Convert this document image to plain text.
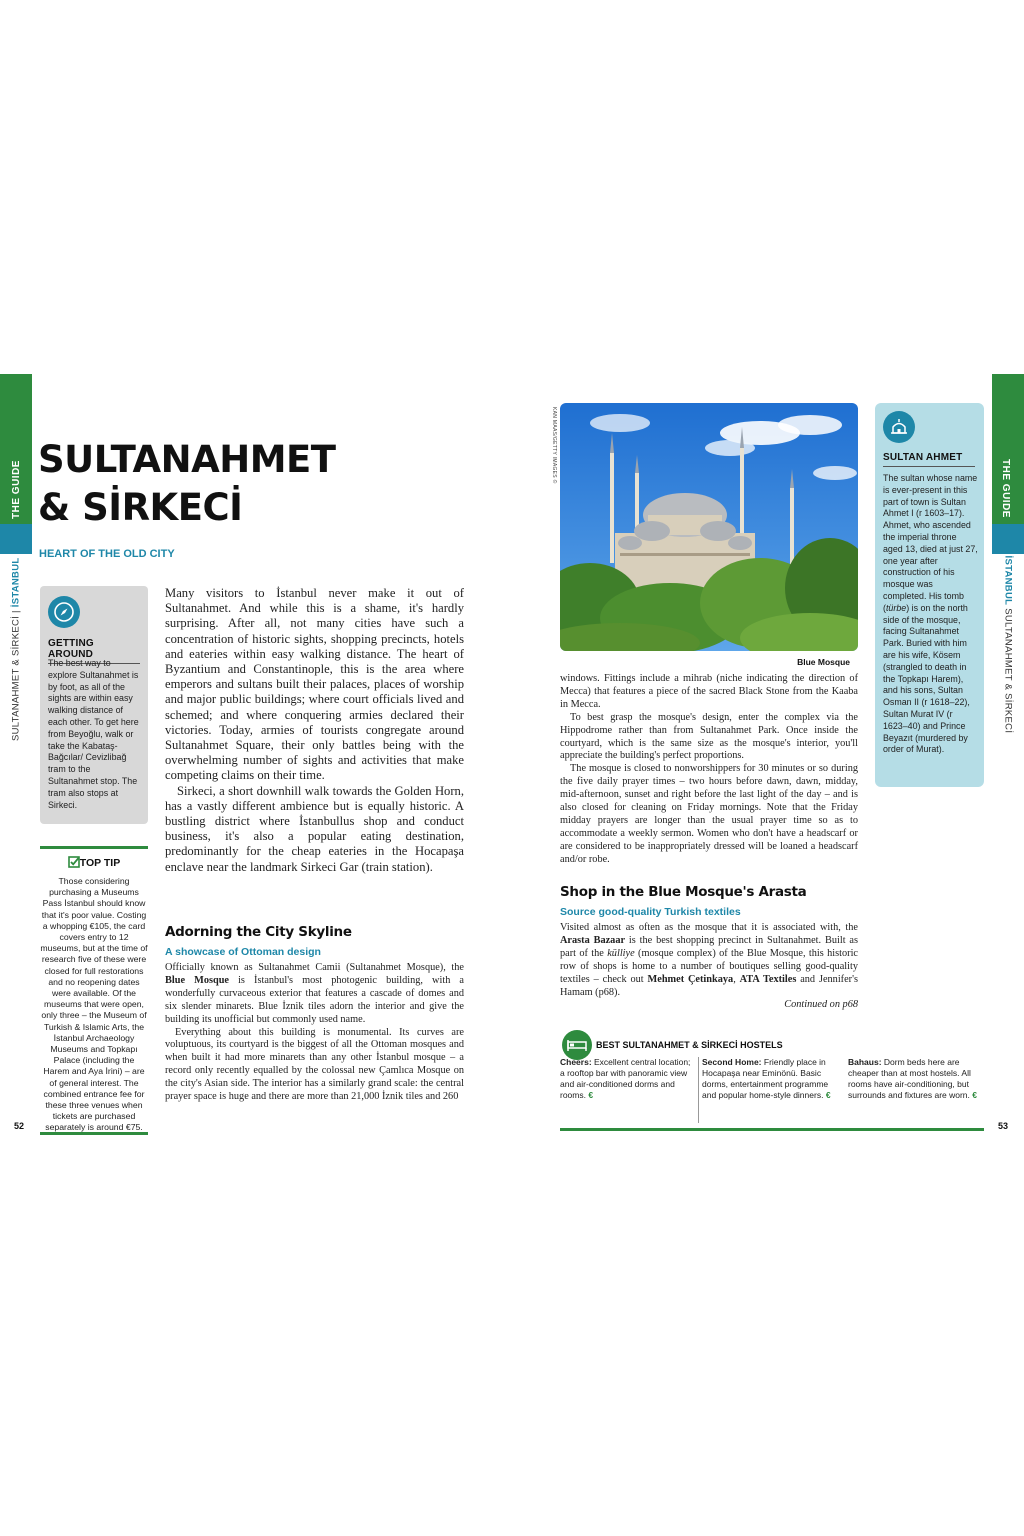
THE GUIDE
SULTANAHMET & SİRKECİ | İSTANBUL
SULTANAHMET
& SİRKECİ
HEART OF THE OLD CITY
GETTING AROUND
The best way to explore Sultanahmet is by foot, as all of the sights are within easy walking distance of each other. To get here from Beyoğlu, walk or take the Kabataş-Bağcılar/ Cevizlibağ tram to the Sultanahmet stop. The tram also stops at Sirkeci.
TOP TIP
Those considering purchasing a Museums Pass İstanbul should know that it's poor value. Costing a whopping €105, the card covers entry to 12 museums, but at the time of research five of these were closed for full restorations and no reopening dates were available. Of the museums that were open, only three – the Museum of Turkish & Islamic Arts, the İstanbul Archaeology Museums and Topkapı Palace (including the Harem and Aya İrini) – are of general interest. The combined entrance fee for these three venues when tickets are purchased separately is around €75.

Many visitors to İstanbul never make it out of Sultanahmet. And while this is a shame, it's hardly surprising. After all, not many cities have such a concentration of historic sights, shopping precincts, hotels and eateries within easy walking distance. The heart of Byzantium and Constantinople, this is the area where emperors and sultans built their palaces, places of worship and major public buildings; where court officials lived and schemed; and where conquering armies declared their victories. Today, armies of tourists congregate around Sultanahmet Square, their only battles being with the overwhelming number of sights and activities that make competing claims on their time.

Sirkeci, a short downhill walk towards the Golden Horn, has a vastly different ambience but is equally historic. A bustling district where İstanbullus shop and conduct business, it's also a popular eating destination, predominantly for the cheap eateries in the Hocapaşa enclave near the landmark Sirkeci Gar (train station).

Adorning the City Skyline
A showcase of Ottoman design

Officially known as Sultanahmet Camii (Sultanahmet Mosque), the Blue Mosque is İstanbul's most photogenic building, with a wonderfully curvaceous exterior that features a cascade of domes and six slender minarets. Blue İznik tiles adorn the interior and give the building its unofficial but commonly used name.

Everything about this building is monumental. Its curves are voluptuous, its courtyard is the biggest of all the Ottoman mosques and when built it had more minarets than any other İstanbul mosque – a record only recently equalled by the colossal new Çamlıca Mosque on the city's Asian side. The interior has a similarly grand scale: the central prayer space is huge and there are more than 21,000 İznik tiles and 260

52
KAN MAAS/GETTY IMAGES ©
Blue Mosque

windows. Fittings include a mihrab (niche indicating the direction of Mecca) that features a piece of the sacred Black Stone from the Kaaba in Mecca.

To best grasp the mosque's design, enter the complex via the Hippodrome rather than from Sultanahmet Park. Once inside the courtyard, which is the same size as the mosque's interior, you'll appreciate the building's perfect proportions.

The mosque is closed to nonworshippers for 30 minutes or so during the five daily prayer times – two hours before dawn, dawn, midday, mid-afternoon, sunset and right before the last light of the day – and is also closed for cleaning on Friday mornings. Note that the Friday midday prayers are longer than the usual prayer time so as to accommodate a weekly sermon. Women who don't have a headscarf or are considered to be inappropriately dressed will be loaned a headscarf and/or robe.

Shop in the Blue Mosque's Arasta
Source good-quality Turkish textiles

Visited almost as often as the mosque that it is associated with, the Arasta Bazaar is the best shopping precinct in Sultanahmet. Built as part of the külliye (mosque complex) of the Blue Mosque, this historic row of shops is home to a number of boutiques selling good-quality textiles – check out Mehmet Çetinkaya, ATA Textiles and Jennifer's Hamam (p68).

Continued on p68
SULTAN AHMET
The sultan whose name is ever-present in this part of town is Sultan Ahmet I (r 1603–17). Ahmet, who ascended the imperial throne aged 13, died at just 27, one year after construction of his mosque was completed. His tomb (türbe) is on the north side of the mosque, facing Sultanahmet Park. Buried with him are his wife, Kösem (strangled to death in the Topkapı Harem), and his sons, Sultan Osman II (r 1618–22), Sultan Murat IV (r 1623–40) and Prince Beyazıt (murdered by order of Murat).
BEST SULTANAHMET & SİRKECİ HOSTELS
Cheers: Excellent central location; a rooftop bar with panoramic view and air-conditioned dorms and rooms. €
Second Home: Friendly place in Hocapaşa near Eminönü. Basic dorms, entertainment programme and popular home-style dinners. €
Bahaus: Dorm beds here are cheaper than at most hostels. All rooms have air-conditioning, but surrounds and fixtures are worn. €
53
THE GUIDE
İSTANBUL SULTANAHMET & SİRKECİ
